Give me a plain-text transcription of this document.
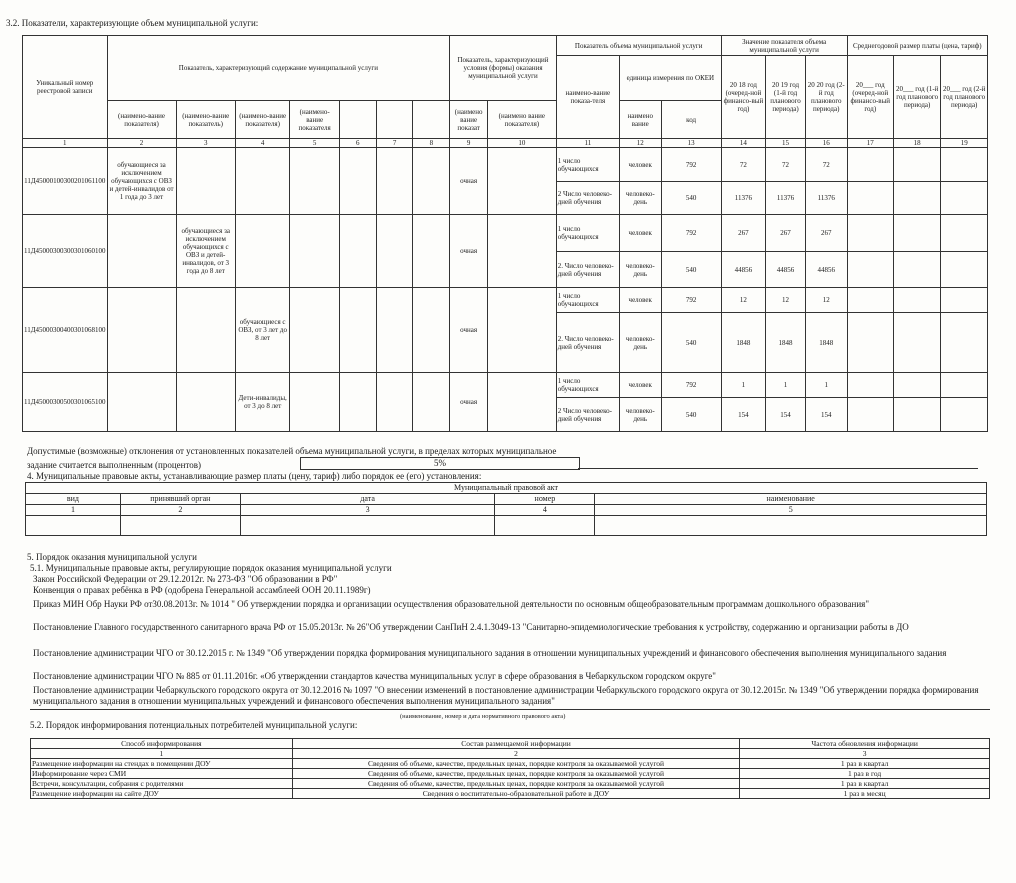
3.2. Показатели, характеризующие объем муниципальной услуги:
Уникальный номер реестровой записи	Показатель, характеризующий содержание муниципальной услуги							Показатель, характеризующий условия (формы) оказания муниципальной услуги		Показатель объема муниципальной услуги			Значение показателя объема муниципальной услуги			Среднегодовой размер платы (цена, тариф)		
										наимено-вание показа-теля	единица измерения по ОКЕИ		20 18 год (очеред-ной финансо-вый год)	20 19 год (1-й год планового периода)	20 20 год (2-й год планового периода)	20___ год (очеред-ной финансо-вый год)	20___ год (1-й год планового периода)	20___ год (2-й год планового периода)
	(наимено-вание показателя)	(наимено-вание показатель)	(наимено-вание показателя)	(наимено-вание показателя				(наимено вание показат	(наимено вание показателя)		наимено вание	код						
1	2	3	4	5	6	7	8	9	10	11	12	13	14	15	16	17	18	19
11Д45000100300201061100	обучающиеся за исключением обучающихся с ОВЗ и детей-инвалидов от 1 года до 3 лет							очная		1 число обучающихся	человек	792	72	72	72			
										2 Число человеко-дней обучения	человеко-день	540	11376	11376	11376			
11Д45000300300301060100		обучающиеся за исключением обучающихся с ОВЗ и детей-инвалидов, от 3 года до 8 лет						очная		1 число обучающихся	человек	792	267	267	267			
										2. Число человеко-дней обучения	человеко-день	540	44856	44856	44856			
11Д45000300400301068100			обучающиеся с ОВЗ, от 3 лет до 8 лет					очная		1 число обучающихся	человек	792	12	12	12			
										2. Число человеко-дней обучения	человеко-день	540	1848	1848	1848			
11Д45000300500301065100			Дети-инвалиды, от 3 до 8 лет					очная		1 число обучающихся	человек	792	1	1	1			
										2 Число человеко-дней обучения	человеко-день	540	154	154	154			
Допустимые (возможные) отклонения от установленных показателей объема муниципальной услуги, в пределах которых муниципальное
задание считается выполненным (процентов)	5%
4. Муниципальные правовые акты, устанавливающие размер платы (цену, тариф) либо порядок ее (его) установления:
Муниципальный правовой акт				
вид	принявший орган	дата	номер	наименование
1	2	3	4	5

5. Порядок оказания муниципальной услуги
5.1. Муниципальные правовые акты, регулирующие порядок оказания муниципальной услуги
Закон Российской Федерации от 29.12.2012г. № 273-ФЗ "Об образовании в РФ"
Конвенция о правах ребёнка в РФ (одобрена Генеральной ассамблеей ООН 20.11.1989г)
Приказ МИН Обр Науки РФ от30.08.2013г. № 1014 " Об утверждении порядка и организации осуществления образовательной деятельности по основным общеобразовательным программам дошкольного образования"
Постановление Главного государственного санитарного врача РФ от 15.05.2013г. № 26"Об утверждении СанПиН 2.4.1.3049-13 "Санитарно-эпидемиологические требования к устройству, содержанию и организации работы в ДО
Постановление администрации ЧГО от 30.12.2015 г. № 1349 "Об утверждении порядка формирования муниципального задания в отношении муниципальных учреждений и финансового обеспечения выполнения муниципального задания
Постановление администрации ЧГО № 885 от 01.11.2016г. «Об утверждении стандартов качества муниципальных услуг в сфере образования в Чебаркульском городском округе"
Постановление администрации Чебаркульского городского округа от 30.12.2016 № 1097 "О внесении изменений в постановление администрации Чебаркульского городского округа от 30.12.2015г. № 1349 "Об утверждении порядка формирования муниципального задания в отношении муниципальных учреждений и финансового обеспечения выполнения муниципального задания"
(наименование, номер и дата нормативного правового акта)
5.2. Порядок информирования потенциальных потребителей муниципальной услуги:
Способ информирования	Состав размещаемой информации	Частота обновления информации
1	2	3
Размещение информации на стендах в помещении ДОУ	Сведения об объеме, качестве, предельных ценах, порядке контроля за оказываемой услугой	1 раз в квартал
Информирование через СМИ	Сведения об объеме, качестве, предельных ценах, порядке контроля за оказываемой услугой	1 раз в год
Встречи, консультации, собрания с родителями	Сведения об объеме, качестве, предельных ценах, порядке контроля за оказываемой услугой	1 раз в квартал
Размещение информации на сайте ДОУ	Сведения о воспитательно-образовательной работе в ДОУ	1 раз в месяц
